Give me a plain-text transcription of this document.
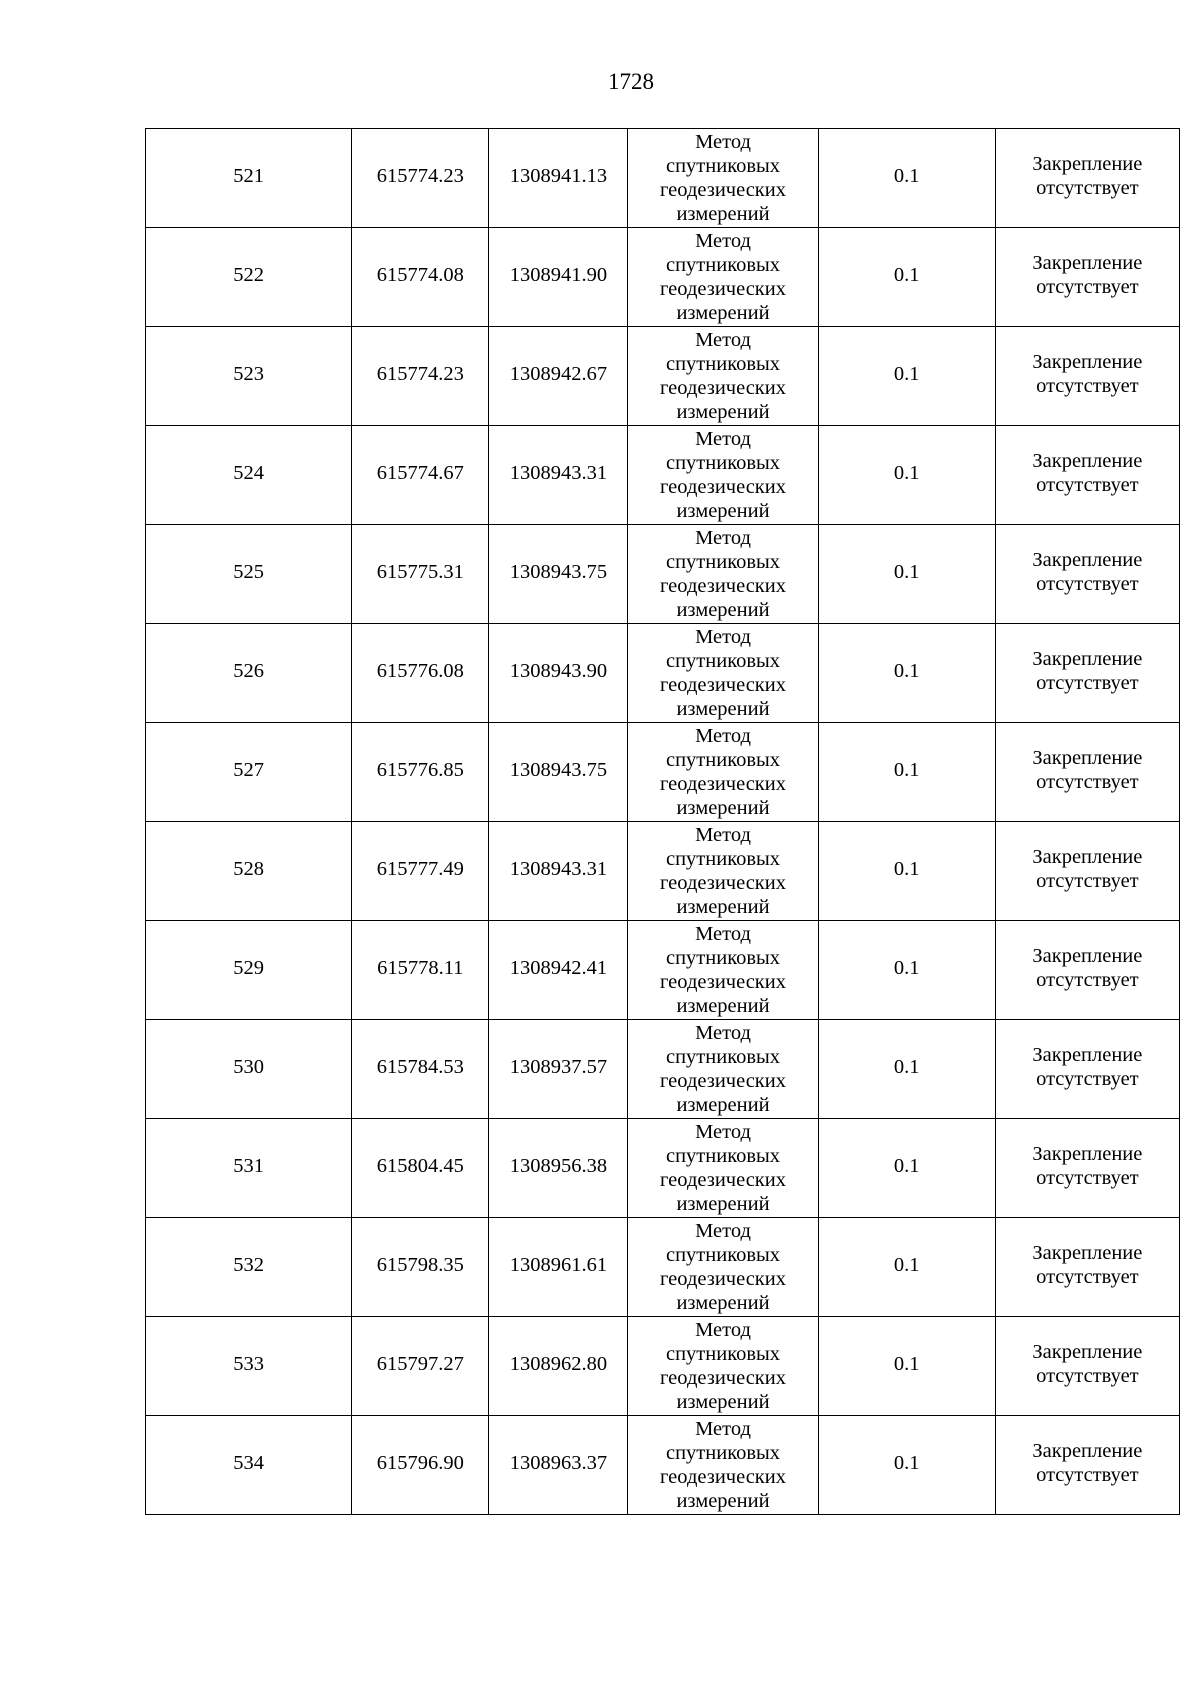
1728
521	615774.23	1308941.13	Метод
спутниковых
геодезических
измерений	0.1	Закрепление
отсутствует

522	615774.08	1308941.90	Метод
спутниковых
геодезических
измерений	0.1	Закрепление
отсутствует

523	615774.23	1308942.67	Метод
спутниковых
геодезических
измерений	0.1	Закрепление
отсутствует

524	615774.67	1308943.31	Метод
спутниковых
геодезических
измерений	0.1	Закрепление
отсутствует

525	615775.31	1308943.75	Метод
спутниковых
геодезических
измерений	0.1	Закрепление
отсутствует

526	615776.08	1308943.90	Метод
спутниковых
геодезических
измерений	0.1	Закрепление
отсутствует

527	615776.85	1308943.75	Метод
спутниковых
геодезических
измерений	0.1	Закрепление
отсутствует

528	615777.49	1308943.31	Метод
спутниковых
геодезических
измерений	0.1	Закрепление
отсутствует

529	615778.11	1308942.41	Метод
спутниковых
геодезических
измерений	0.1	Закрепление
отсутствует

530	615784.53	1308937.57	Метод
спутниковых
геодезических
измерений	0.1	Закрепление
отсутствует

531	615804.45	1308956.38	Метод
спутниковых
геодезических
измерений	0.1	Закрепление
отсутствует

532	615798.35	1308961.61	Метод
спутниковых
геодезических
измерений	0.1	Закрепление
отсутствует

533	615797.27	1308962.80	Метод
спутниковых
геодезических
измерений	0.1	Закрепление
отсутствует

534	615796.90	1308963.37	Метод
спутниковых
геодезических
измерений	0.1	Закрепление
отсутствует
